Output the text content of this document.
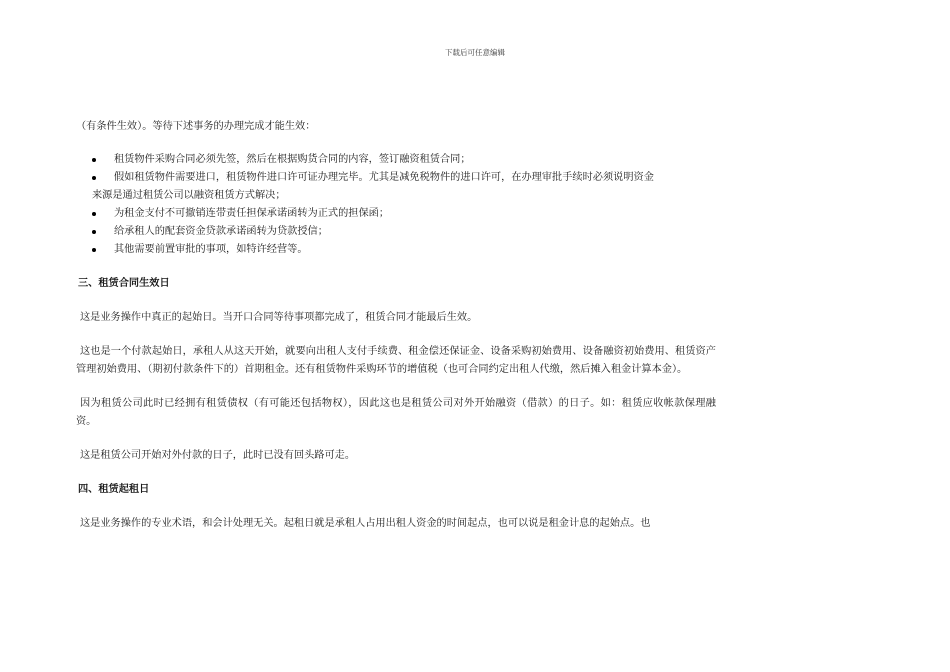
下载后可任意编辑

（有条件生效）。等待下述事务的办理完成才能生效：

租赁物件采购合同必须先签，然后在根据购货合同的内容，签订融资租赁合同；
假如租赁物件需要进口，租赁物件进口许可证办理完毕。尤其是减免税物件的进口许可，在办理审批手续时必须说明资金
来源是通过租赁公司以融资租赁方式解决；
为租金支付不可撤销连带责任担保承诺函转为正式的担保函；
给承租人的配套资金贷款承诺函转为贷款授信；
其他需要前置审批的事项，如特许经营等。
三、租赁合同生效日

这是业务操作中真正的起始日。当开口合同等待事项都完成了，租赁合同才能最后生效。

这也是一个付款起始日，承租人从这天开始，就要向出租人支付手续费、租金偿还保证金、设备采购初始费用、设备融资初始费用、租赁资产管理初始费用、（期初付款条件下的）首期租金。还有租赁物件采购环节的增值税（也可合同约定出租人代缴，然后摊入租金计算本金）。

因为租赁公司此时已经拥有租赁债权（有可能还包括物权），因此这也是租赁公司对外开始融资（借款）的日子。如：租赁应收帐款保理融资。

这是租赁公司开始对外付款的日子，此时已没有回头路可走。

四、租赁起租日

这是业务操作的专业术语，和会计处理无关。起租日就是承租人占用出租人资金的时间起点，也可以说是租金计息的起始点。也
